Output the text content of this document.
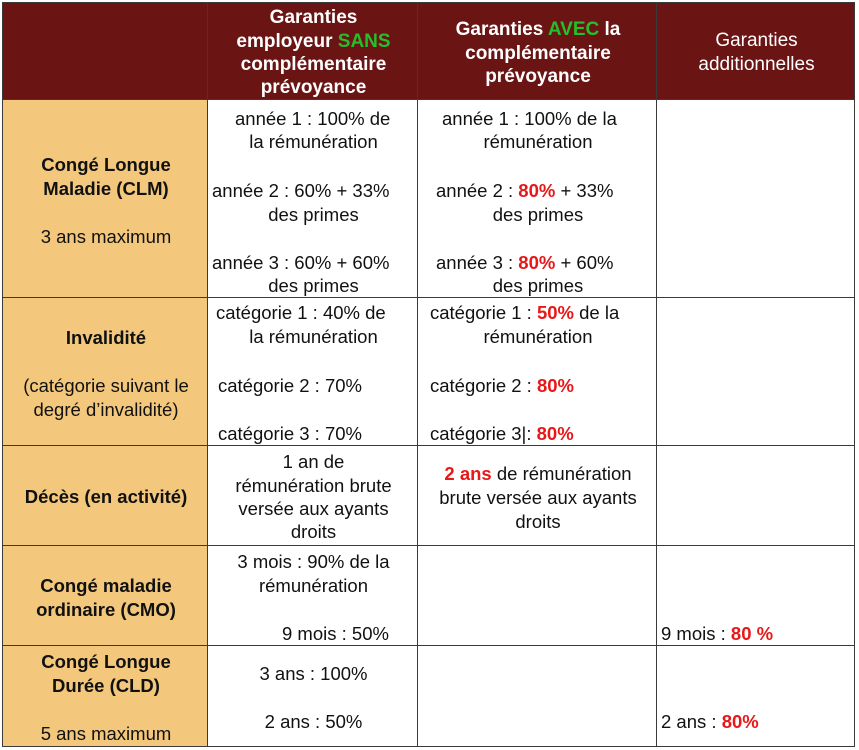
Garanties
employeur SANS
complémentaire
prévoyance
Garanties AVEC la
complémentaire
prévoyance
Garanties
additionnelles
Congé Longue
Maladie (CLM)
3 ans maximum
année 1 : 100% de
la rémunération
année 2 : 60% + 33%
des primes
année 3 : 60% + 60%
des primes
année 1 : 100% de la
rémunération
année 2 : 80% + 33%
des primes
année 3 : 80% + 60%
des primes
Invalidité
(catégorie suivant le
degré d’invalidité)
catégorie 1 : 40% de
la rémunération
catégorie 2 : 70%
catégorie 3 : 70%
catégorie 1 : 50% de la
rémunération
catégorie 2 : 80%
catégorie 3|: 80%
Décès (en activité)
1 an de
rémunération brute
versée aux ayants
droits
2 ans de rémunération
brute versée aux ayants
droits
Congé maladie
ordinaire (CMO)
3 mois : 90% de la
rémunération
9 mois : 50%	9 mois : 80 %
Congé Longue
Durée (CLD)
5 ans maximum
3 ans : 100%
2 ans : 50%	2 ans : 80%
